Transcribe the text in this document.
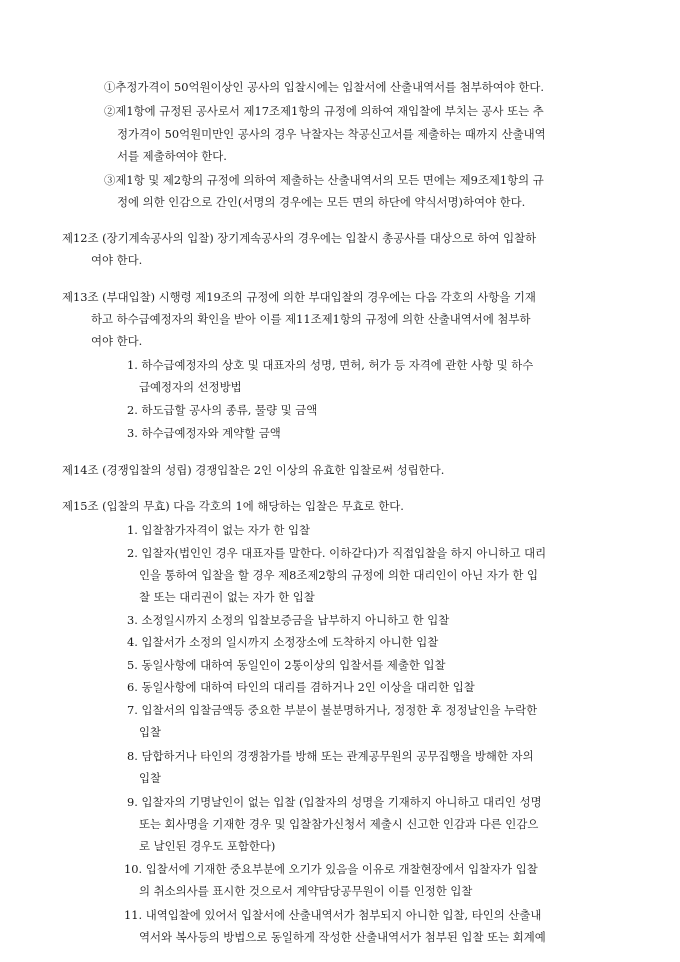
①추정가격이 50억원이상인 공사의 입찰시에는 입찰서에 산출내역서를 첨부하여야 한다.
②제1항에 규정된 공사로서 제17조제1항의 규정에 의하여 재입찰에 부치는 공사 또는 추
정가격이 50억원미만인 공사의 경우 낙찰자는 착공신고서를 제출하는 때까지 산출내역
서를 제출하여야 한다.
③제1항 및 제2항의 규정에 의하여 제출하는 산출내역서의 모든 면에는 제9조제1항의 규
정에 의한 인감으로 간인(서명의 경우에는 모든 면의 하단에 약식서명)하여야 한다.
제12조 (장기계속공사의 입찰) 장기계속공사의 경우에는 입찰시 총공사를 대상으로 하여 입찰하
여야 한다.
제13조 (부대입찰) 시행령 제19조의 규정에 의한 부대입찰의 경우에는 다음 각호의 사항을 기재
하고 하수급예정자의 확인을 받아 이를 제11조제1항의 규정에 의한 산출내역서에 첨부하
여야 한다.
1. 하수급예정자의 상호 및 대표자의 성명, 면허, 허가 등 자격에 관한 사항 및 하수
급예정자의 선정방법
2. 하도급할 공사의 종류, 물량 및 금액
3. 하수급예정자와 계약할 금액
제14조 (경쟁입찰의 성립) 경쟁입찰은 2인 이상의 유효한 입찰로써 성립한다.
제15조 (입찰의 무효) 다음 각호의 1에 해당하는 입찰은 무효로 한다.
1. 입찰참가자격이 없는 자가 한 입찰
2. 입찰자(법인인 경우 대표자를 말한다. 이하같다)가 직접입찰을 하지 아니하고 대리
인을 통하여 입찰을 할 경우 제8조제2항의 규정에 의한 대리인이 아닌 자가 한 입
찰 또는 대리권이 없는 자가 한 입찰
3. 소정일시까지 소정의 입찰보증금을 납부하지 아니하고 한 입찰
4. 입찰서가 소정의 일시까지 소정장소에 도착하지 아니한 입찰
5. 동일사항에 대하여 동일인이 2통이상의 입찰서를 제출한 입찰
6. 동일사항에 대하여 타인의 대리를 겸하거나 2인 이상을 대리한 입찰
7. 입찰서의 입찰금액등 중요한 부분이 불분명하거나, 정정한 후 정정날인을 누락한
입찰
8. 담합하거나 타인의 경쟁참가를 방해 또는 관계공무원의 공무집행을 방해한 자의
입찰
9. 입찰자의 기명날인이 없는 입찰 (입찰자의 성명을 기재하지 아니하고 대리인 성명
또는 회사명을 기재한 경우 및 입찰참가신청서 제출시 신고한 인감과 다른 인감으
로 날인된 경우도 포함한다)
10. 입찰서에 기재한 중요부분에 오기가 있음을 이유로 개찰현장에서 입찰자가 입찰
의 취소의사를 표시한 것으로서 계약담당공무원이 이를 인정한 입찰
11. 내역입찰에 있어서 입찰서에 산출내역서가 첨부되지 아니한 입찰, 타인의 산출내
역서와 복사등의 방법으로 동일하게 작성한 산출내역서가 첨부된 입찰 또는 회계예
